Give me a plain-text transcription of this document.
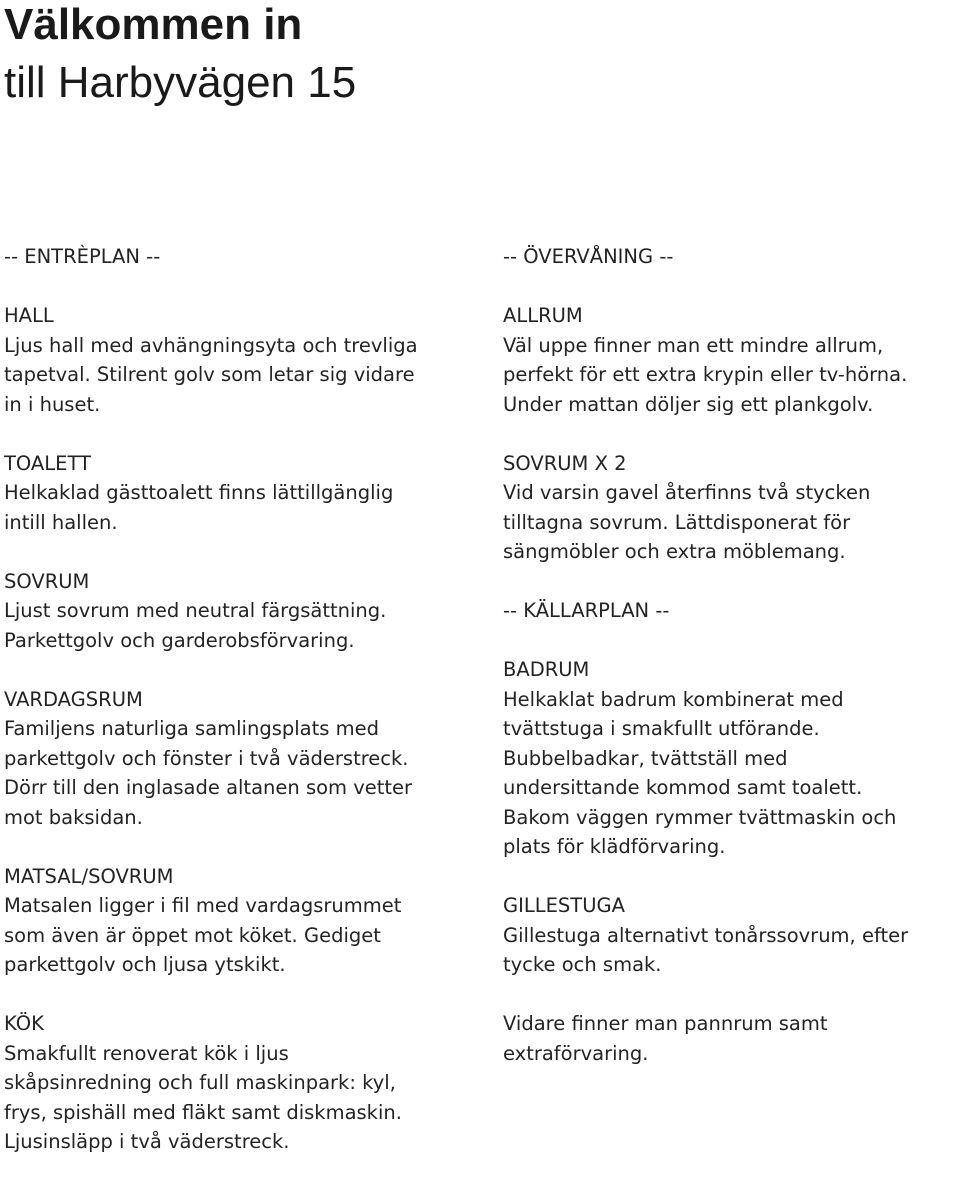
Välkommen in
till Harbyvägen 15
-- ENTRÈPLAN --
HALL
Ljus hall med avhängningsyta och trevliga
tapetval. Stilrent golv som letar sig vidare
in i huset.
TOALETT
Helkaklad gästtoalett finns lättillgänglig
intill hallen.
SOVRUM
Ljust sovrum med neutral färgsättning.
Parkettgolv och garderobsförvaring.
VARDAGSRUM
Familjens naturliga samlingsplats med
parkettgolv och fönster i två väderstreck.
Dörr till den inglasade altanen som vetter
mot baksidan.
MATSAL/SOVRUM
Matsalen ligger i fil med vardagsrummet
som även är öppet mot köket. Gediget
parkettgolv och ljusa ytskikt.
KÖK
Smakfullt renoverat kök i ljus
skåpsinredning och full maskinpark: kyl,
frys, spishäll med fläkt samt diskmaskin.
Ljusinsläpp i två väderstreck.
-- ÖVERVÅNING --
ALLRUM
Väl uppe finner man ett mindre allrum,
perfekt för ett extra krypin eller tv-hörna.
Under mattan döljer sig ett plankgolv.
SOVRUM X 2
Vid varsin gavel återfinns två stycken
tilltagna sovrum. Lättdisponerat för
sängmöbler och extra möblemang.
-- KÄLLARPLAN --
BADRUM
Helkaklat badrum kombinerat med
tvättstuga i smakfullt utförande.
Bubbelbadkar, tvättställ med
undersittande kommod samt toalett.
Bakom väggen rymmer tvättmaskin och
plats för klädförvaring.
GILLESTUGA
Gillestuga alternativt tonårssovrum, efter
tycke och smak.
Vidare finner man pannrum samt
extraförvaring.
